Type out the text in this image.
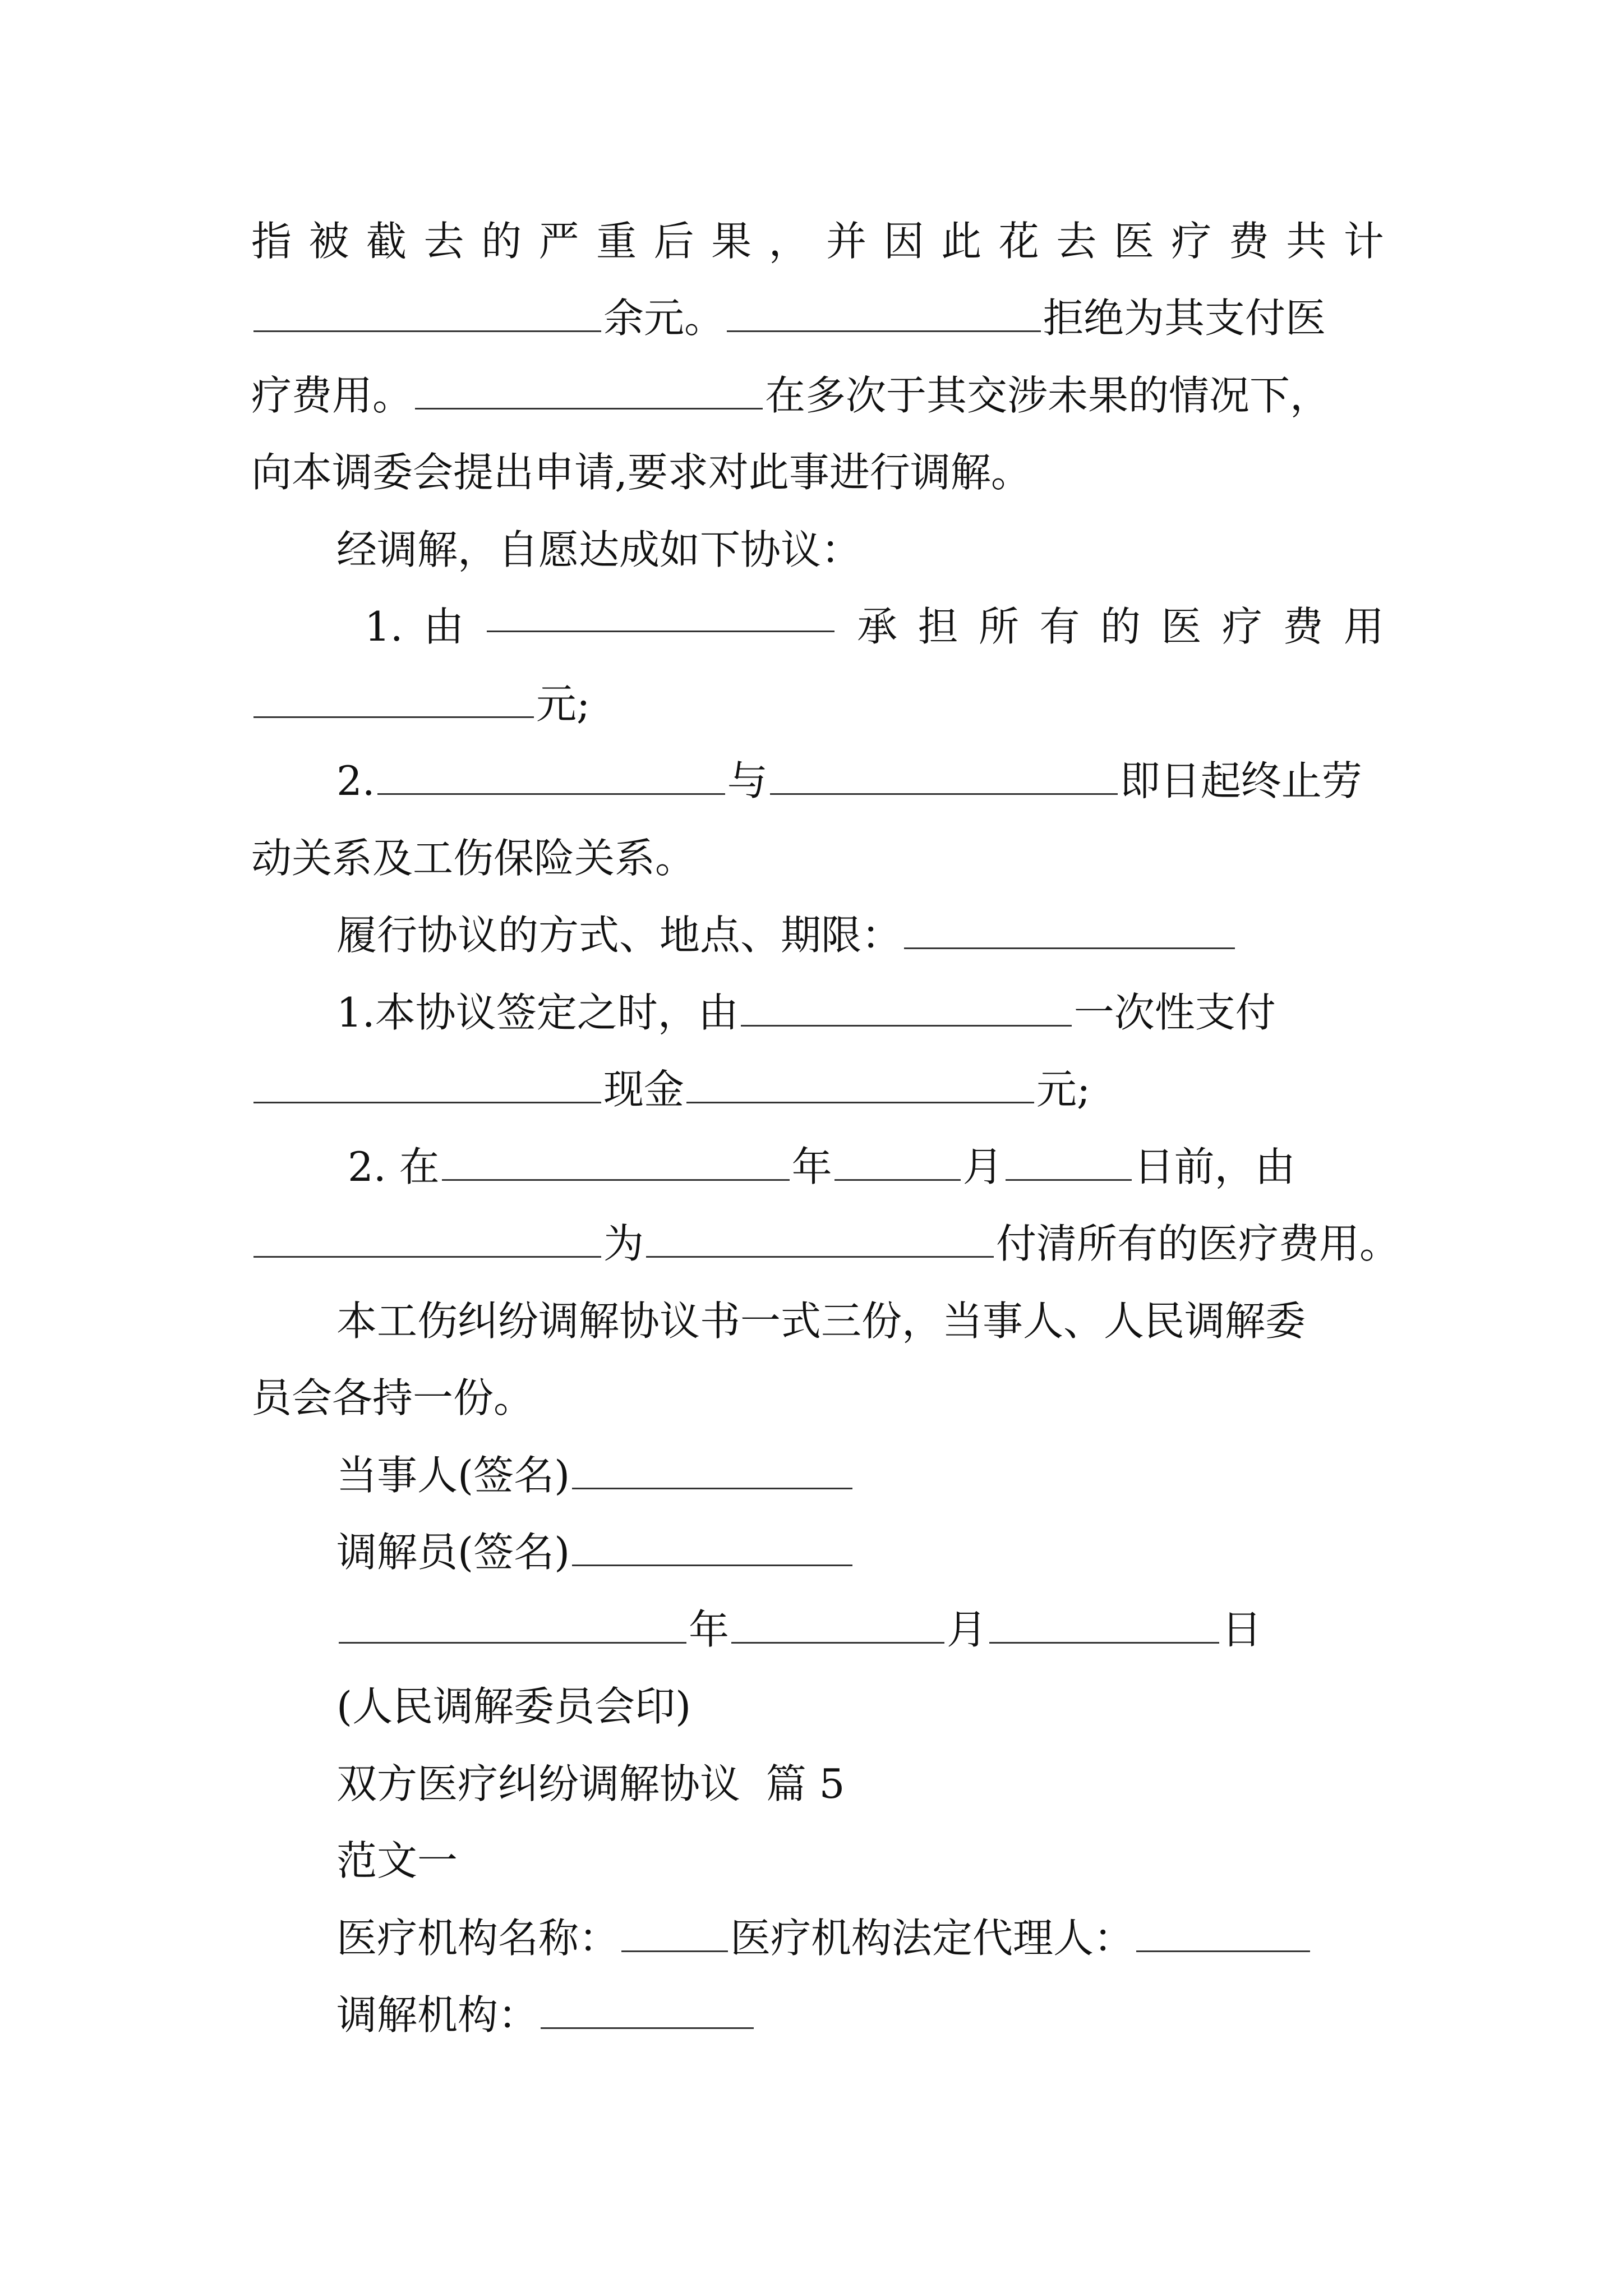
指 被 截 去 的 严 重 后 果 ， 并 因 此 花 去 医 疗 费 共 计
余元。	拒绝为其支付医
疗费用。	在多次于其交涉未果的情况下，
向本调委会提出申请,要求对此事进行调解。
经调解，自愿达成如下协议：
1. 由	承 担 所 有 的 医 疗 费 用
元;
2.	与	即日起终止劳
动关系及工伤保险关系。
履行协议的方式、地点、期限：
1.本协议签定之时，由	一次性支付
现金	元;
2. 在	年	月	日前，由
为	付清所有的医疗费用。
本工伤纠纷调解协议书一式三份，当事人、人民调解委
员会各持一份。
当事人(签名)
调解员(签名)
年	月	日
(人民调解委员会印)
双方医疗纠纷调解协议  篇 5
范文一
医疗机构名称：	医疗机构法定代理人：
调解机构：
